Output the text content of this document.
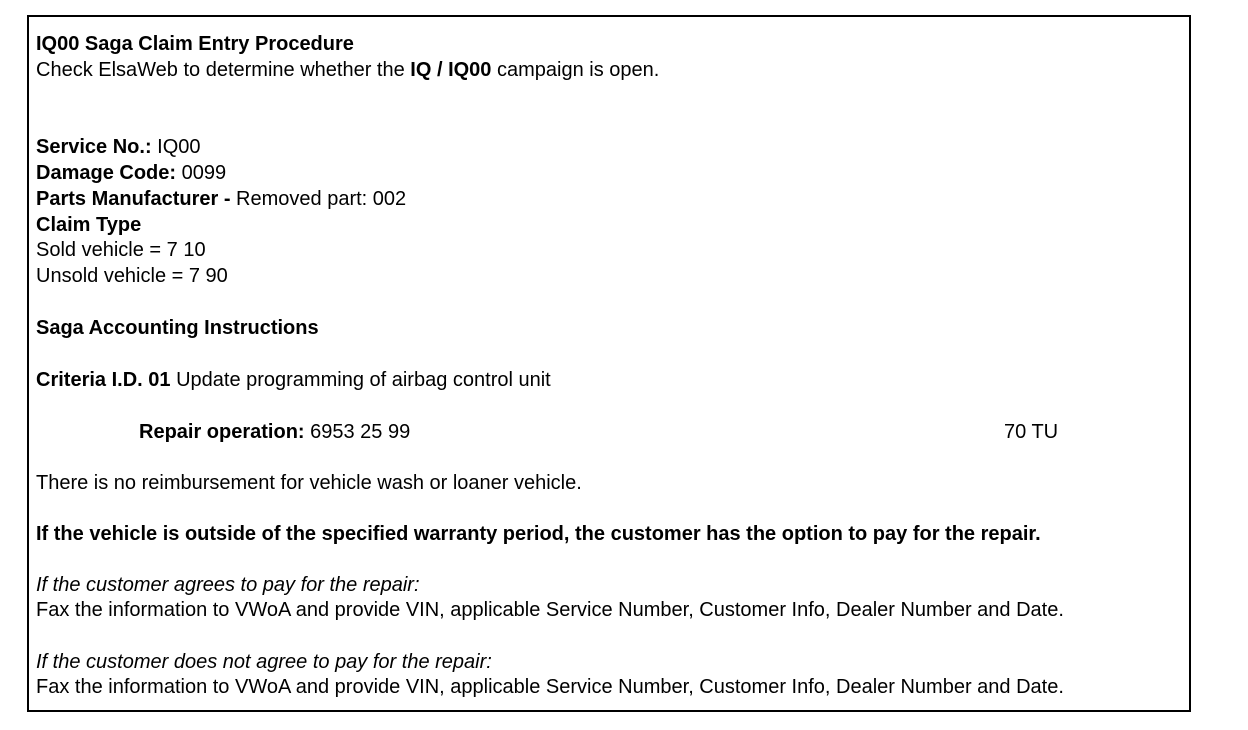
IQ00 Saga Claim Entry Procedure
Check ElsaWeb to determine whether the IQ / IQ00 campaign is open.
Service No.: IQ00
Damage Code: 0099
Parts Manufacturer - Removed part: 002
Claim Type
Sold vehicle = 7 10
Unsold vehicle = 7 90
Saga Accounting Instructions
Criteria I.D. 01 Update programming of airbag control unit
Repair operation: 6953 25 99	70 TU
There is no reimbursement for vehicle wash or loaner vehicle.
If the vehicle is outside of the specified warranty period, the customer has the option to pay for the repair.
If the customer agrees to pay for the repair:
Fax the information to VWoA and provide VIN, applicable Service Number, Customer Info, Dealer Number and Date.
If the customer does not agree to pay for the repair:
Fax the information to VWoA and provide VIN, applicable Service Number, Customer Info, Dealer Number and Date.
